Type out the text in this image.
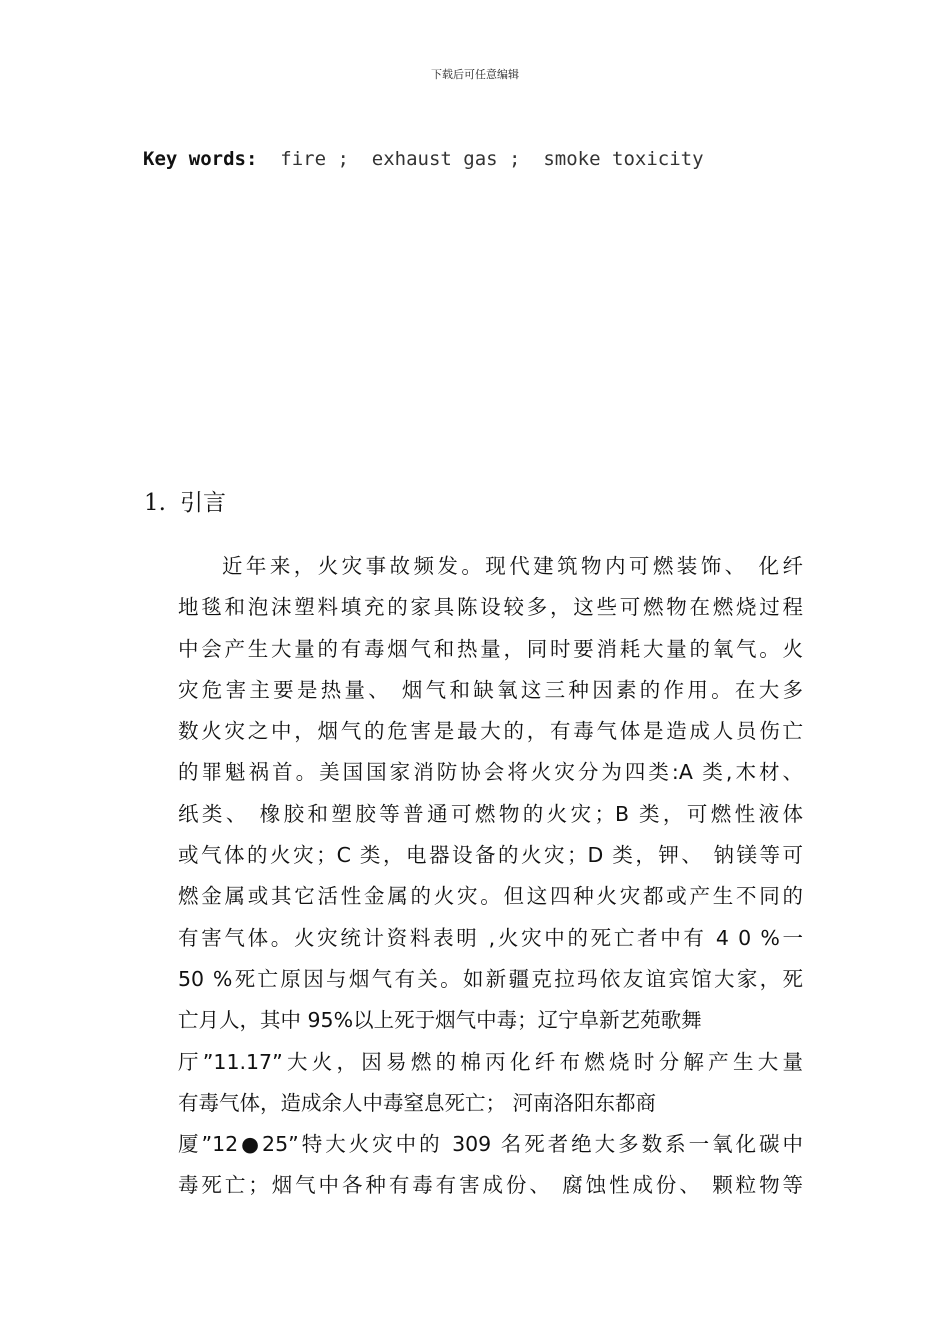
下载后可任意编辑
Key words:  fire ;  exhaust gas ;  smoke toxicity
1. 引言
近年来，火灾事故频发。现代建筑物内可燃装饰、 化纤
地毯和泡沫塑料填充的家具陈设较多，这些可燃物在燃烧过程
中会产生大量的有毒烟气和热量，同时要消耗大量的氧气。火
灾危害主要是热量、 烟气和缺氧这三种因素的作用。在大多
数火灾之中，烟气的危害是最大的，有毒气体是造成人员伤亡
的罪魁祸首。美国国家消防协会将火灾分为四类:A 类,木材、
纸类、 橡胶和塑胶等普通可燃物的火灾；B 类，可燃性液体
或气体的火灾；C 类，电器设备的火灾；D 类，钾、 钠镁等可
燃金属或其它活性金属的火灾。但这四种火灾都或产生不同的
有害气体。火灾统计资料表明 ,火灾中的死亡者中有 4 0 %一
50 %死亡原因与烟气有关。如新疆克拉玛依友谊宾馆大家，死
亡月人，其中 95%以上死于烟气中毒；辽宁阜新艺苑歌舞
厅”11.17”大火，因易燃的棉丙化纤布燃烧时分解产生大量
有毒气体，造成余人中毒窒息死亡； 河南洛阳东都商
厦”12●25”特大火灾中的 309 名死者绝大多数系一氧化碳中
毒死亡；烟气中各种有毒有害成份、 腐蚀性成份、 颗粒物等
